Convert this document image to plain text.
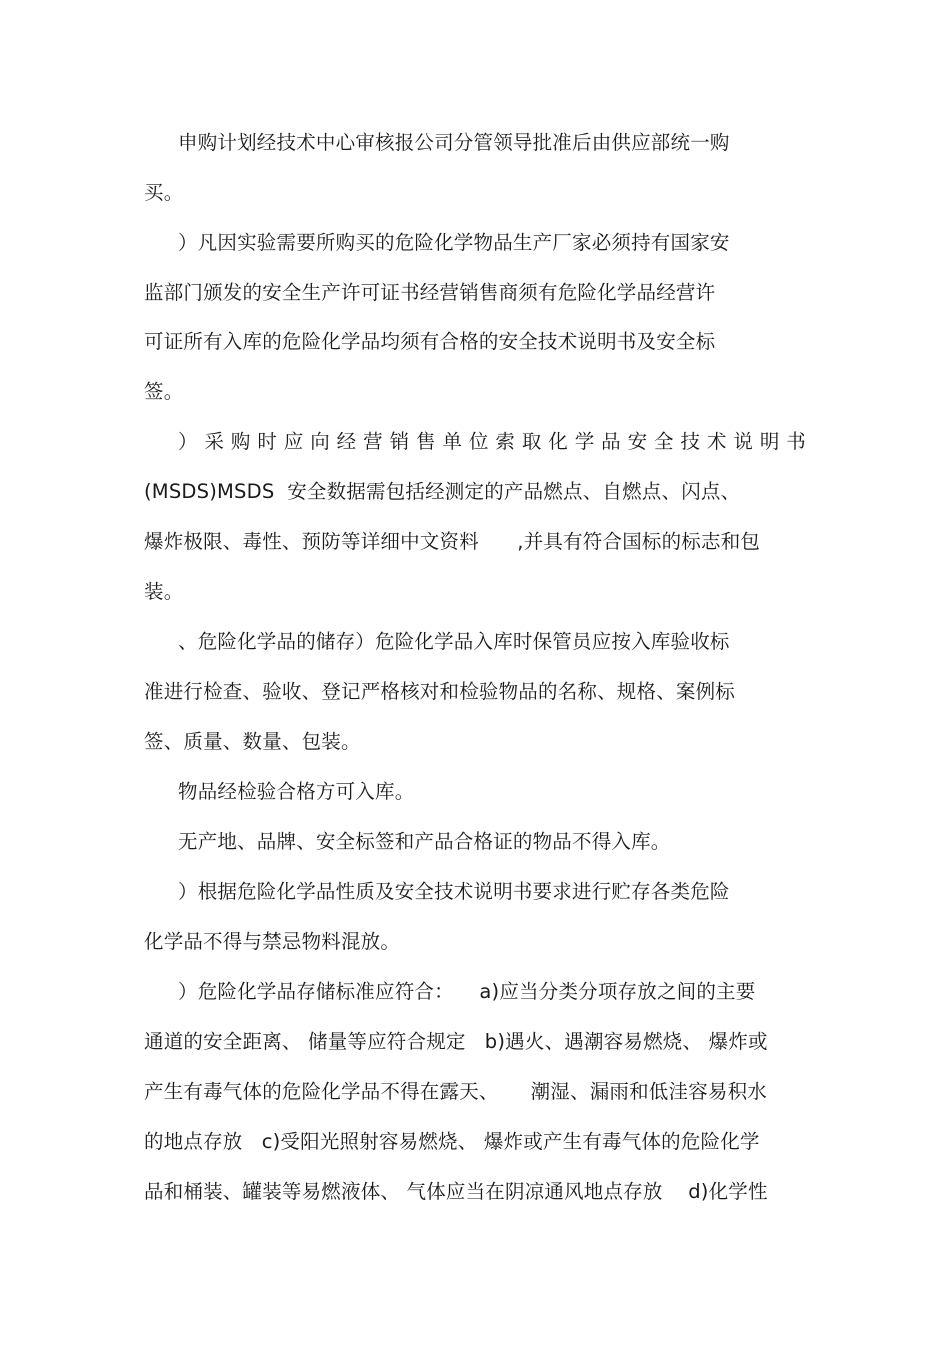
申购计划经技术中心审核报公司分管领导批准后由供应部统一购
买。
）凡因实验需要所购买的危险化学物品生产厂家必须持有国家安
监部门颁发的安全生产许可证书经营销售商须有危险化学品经营许
可证所有入库的危险化学品均须有合格的安全技术说明书及安全标
签。
） 采 购 时 应 向 经 营 销 售 单 位 索 取 化 学 品 安 全 技 术 说 明 书
(MSDS)MSDS  安全数据需包括经测定的产品燃点、自燃点、闪点、
爆炸极限、毒性、预防等详细中文资料      ,并具有符合国标的标志和包
装。
、危险化学品的储存）危险化学品入库时保管员应按入库验收标
准进行检查、验收、登记严格核对和检验物品的名称、规格、案例标
签、质量、数量、包装。
物品经检验合格方可入库。
无产地、品牌、安全标签和产品合格证的物品不得入库。
）根据危险化学品性质及安全技术说明书要求进行贮存各类危险
化学品不得与禁忌物料混放。
）危险化学品存储标准应符合：    a)应当分类分项存放之间的主要
通道的安全距离、 储量等应符合规定   b)遇火、遇潮容易燃烧、 爆炸或
产生有毒气体的危险化学品不得在露天、     潮湿、漏雨和低洼容易积水
的地点存放   c)受阳光照射容易燃烧、 爆炸或产生有毒气体的危险化学
品和桶装、罐装等易燃液体、 气体应当在阴凉通风地点存放    d)化学性
